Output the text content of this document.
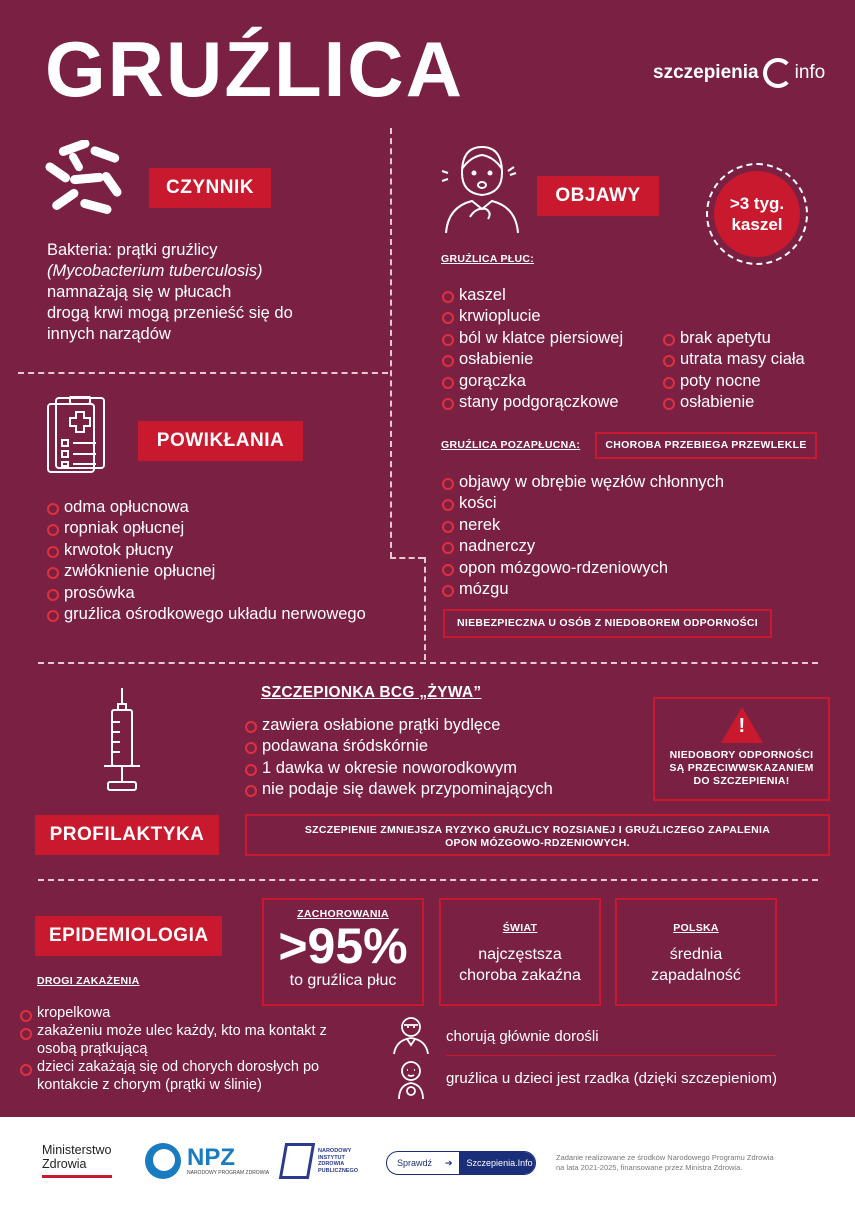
GRUŹLICA	szczepienia info
CZYNNIK
Bakteria: prątki gruźlicy
(Mycobacterium tuberculosis)
namnażają się w płucach
drogą krwi mogą przenieść się do
innych narządów
POWIKŁANIA
odma opłucnowa
ropniak opłucnej
krwotok płucny
zwłóknienie opłucnej
prosówka
gruźlica ośrodkowego układu nerwowego
OBJAWY	>3 tyg.
kaszel
GRUŹLICA PŁUC:
kaszel
krwioplucie
ból w klatce piersiowej
osłabienie
gorączka
stany podgorączkowe
brak apetytu
utrata masy ciała
poty nocne
osłabienie
GRUŹLICA POZAPŁUCNA:	CHOROBA PRZEBIEGA PRZEWLEKLE
objawy w obrębie węzłów chłonnych
kości
nerek
nadnerczy
opon mózgowo-rdzeniowych
mózgu
NIEBEZPIECZNA U OSÓB Z NIEDOBOREM ODPORNOŚCI
SZCZEPIONKA BCG „ŻYWA”
zawiera osłabione prątki bydlęce
podawana śródskórnie
1 dawka w okresie noworodkowym
nie podaje się dawek przypominających
!
NIEDOBORY ODPORNOŚCI
SĄ PRZECIWWSKAZANIEM
DO SZCZEPIENIA!
PROFILAKTYKA	SZCZEPIENIE ZMNIEJSZA RYZYKO GRUŹLICY ROZSIANEJ I GRUŹLICZEGO ZAPALENIA
OPON MÓZGOWO-RDZENIOWYCH.
EPIDEMIOLOGIA
DROGI ZAKAŻENIA
kropelkowa
zakażeniu może ulec każdy, kto ma kontakt z osobą prątkującą
dzieci zakażają się od chorych dorosłych po kontakcie z chorym (prątki w ślinie)
ZACHOROWANIA
>95%
to gruźlica płuc
ŚWIAT
najczęstsza
choroba zakaźna
POLSKA
średnia
zapadalność
chorują głównie dorośli
gruźlica u dzieci jest rzadka (dzięki szczepieniom)
Ministerstwo
Zdrowia	NPZ
NARODOWY PROGRAM ZDROWIA
NARODOWY
INSTYTUT
ZDROWIA
PUBLICZNEGO
Sprawdź	➔	Szczepienia.Info
Zadanie realizowane ze środków Narodowego Programu Zdrowia
na lata 2021-2025, finansowane przez Ministra Zdrowia.
